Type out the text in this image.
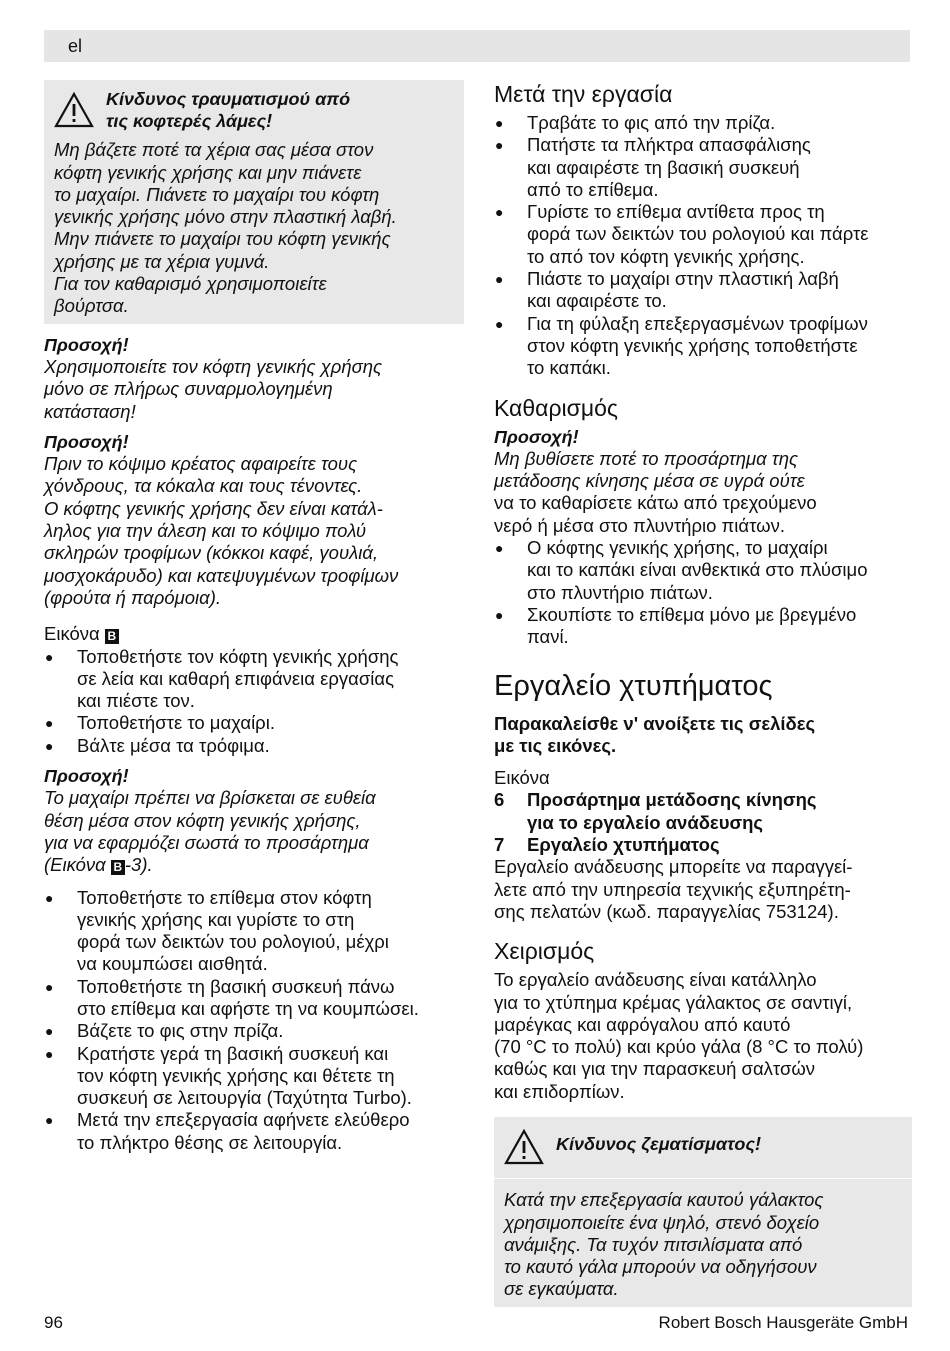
el
Κίνδυνος τραυματισμού από
τις κοφτερές λάμες!
Μη βάζετε ποτέ τα χέρια σας μέσα στον
κόφτη γενικής χρήσης και μην πιάνετε
το μαχαίρι. Πιάνετε το μαχαίρι του κόφτη
γενικής χρήσης μόνο στην πλαστική λαβή.
Μην πιάνετε το μαχαίρι του κόφτη γενικής
χρήσης με τα χέρια γυμνά.
Για τον καθαρισμό χρησιμοποιείτε
βούρτσα.
Προσοχή!
Χρησιμοποιείτε τον κόφτη γενικής χρήσης
μόνο σε πλήρως συναρμολογημένη
κατάσταση!
Προσοχή!
Πριν το κόψιμο κρέατος αφαιρείτε τους
χόνδρους, τα κόκαλα και τους τένοντες.
Ο κόφτης γενικής χρήσης δεν είναι κατάλ-
ληλος για την άλεση και το κόψιμο πολύ
σκληρών τροφίμων (κόκκοι καφέ, γουλιά,
μοσχοκάρυδο) και κατεψυγμένων τροφίμων
(φρούτα ή παρόμοια).
Εικόνα B
● Τοποθετήστε τον κόφτη γενικής χρήσης
σε λεία και καθαρή επιφάνεια εργασίας
και πιέστε τον.
● Τοποθετήστε το μαχαίρι.
● Βάλτε μέσα τα τρόφιμα.
Προσοχή!
Το μαχαίρι πρέπει να βρίσκεται σε ευθεία
θέση μέσα στον κόφτη γενικής χρήσης,
για να εφαρμόζει σωστά το προσάρτημα
(Εικόνα B -3).
● Τοποθετήστε το επίθεμα στον κόφτη
γενικής χρήσης και γυρίστε το στη
φορά των δεικτών του ρολογιού, μέχρι
να κουμπώσει αισθητά.
● Τοποθετήστε τη βασική συσκευή πάνω
στο επίθεμα και αφήστε τη να κουμπώσει.
● Βάζετε το φις στην πρίζα.
● Κρατήστε γερά τη βασική συσκευή και
τον κόφτη γενικής χρήσης και θέτετε τη
συσκευή σε λειτουργία (Ταχύτητα Turbo).
● Μετά την επεξεργασία αφήνετε ελεύθερο
το πλήκτρο θέσης σε λειτουργία.
Μετά την εργασία
● Τραβάτε το φις από την πρίζα.
● Πατήστε τα πλήκτρα απασφάλισης
και αφαιρέστε τη βασική συσκευή
από το επίθεμα.
● Γυρίστε το επίθεμα αντίθετα προς τη
φορά των δεικτών του ρολογιού και πάρτε
το από τον κόφτη γενικής χρήσης.
● Πιάστε το μαχαίρι στην πλαστική λαβή
και αφαιρέστε το.
● Για τη φύλαξη επεξεργασμένων τροφίμων
στον κόφτη γενικής χρήσης τοποθετήστε
το καπάκι.
Καθαρισμός
Προσοχή!
Μη βυθίσετε ποτέ το προσάρτημα της
μετάδοσης κίνησης μέσα σε υγρά ούτε
να το καθαρίσετε κάτω από τρεχούμενο
νερό ή μέσα στο πλυντήριο πιάτων.
● Ο κόφτης γενικής χρήσης, το μαχαίρι
και το καπάκι είναι ανθεκτικά στο πλύσιμο
στο πλυντήριο πιάτων.
● Σκουπίστε το επίθεμα μόνο με βρεγμένο
πανί.
Εργαλείο χτυπήματος
Παρακαλείσθε ν' ανοίξετε τις σελίδες
με τις εικόνες.
Εικόνα
6	Προσάρτημα μετάδοσης κίνησης
για το εργαλείο ανάδευσης
7	Εργαλείο χτυπήματος
Εργαλείο ανάδευσης μπορείτε να παραγγεί-
λετε από την υπηρεσία τεχνικής εξυπηρέτη-
σης πελατών (κωδ. παραγγελίας 753124).
Χειρισμός
Το εργαλείο ανάδευσης είναι κατάλληλο
για το χτύπημα κρέμας γάλακτος σε σαντιγί,
μαρέγκας και αφρόγαλου από καυτό
(70 °C το πολύ) και κρύο γάλα (8 °C το πολύ)
καθώς και για την παρασκευή σαλτσών
και επιδορπίων.
Κίνδυνος ζεματίσματος!
Κατά την επεξεργασία καυτού γάλακτος
χρησιμοποιείτε ένα ψηλό, στενό δοχείο
ανάμιξης. Τα τυχόν πιτσιλίσματα από
το καυτό γάλα μπορούν να οδηγήσουν
σε εγκαύματα.
96	Robert Bosch Hausgeräte GmbH
